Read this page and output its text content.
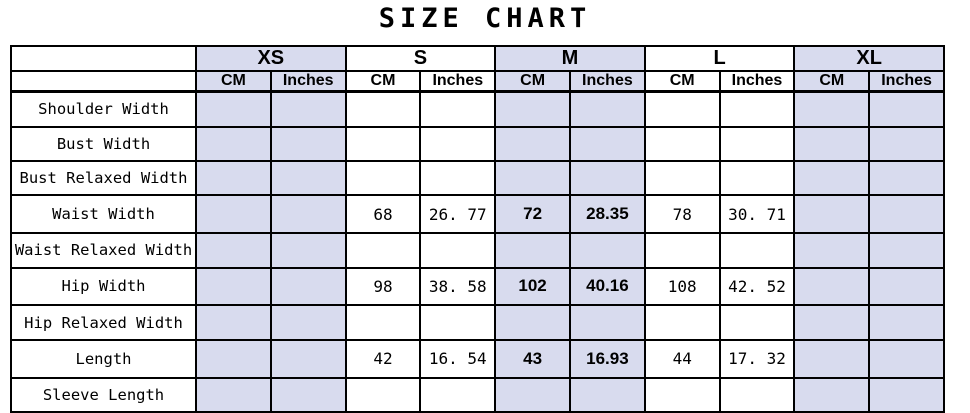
SIZE CHART
	XS		S		M		L		XL	
	CM	Inches	CM	Inches	CM	Inches	CM	Inches	CM	Inches
Shoulder Width										
Bust Width										
Bust Relaxed Width										
Waist Width			68	26. 77	72	28.35	78	30. 71		
Waist Relaxed Width										
Hip Width			98	38. 58	102	40.16	108	42. 52		
Hip Relaxed Width										
Length			42	16. 54	43	16.93	44	17. 32		
Sleeve Length										
